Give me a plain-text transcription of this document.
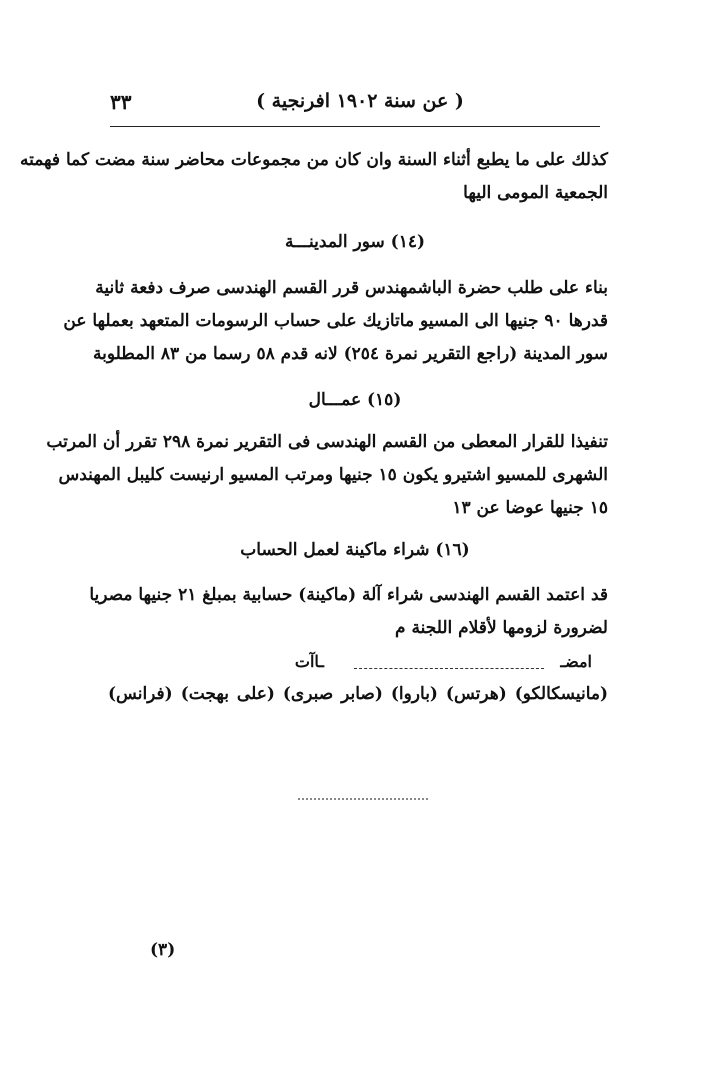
( عن سنة ١٩٠٢ افرنجية )
٣٣
كذلك على ما يطبع أثناء السنة وان كان من مجموعات محاضر سنة مضت كما فهمته
الجمعية المومى اليها
(١٤) سور المدينـــة
بناء على طلب حضرة الباشمهندس قرر القسم الهندسى صرف دفعة ثانية
قدرها ٩٠ جنيها الى المسيو ماتازيك على حساب الرسومات المتعهد بعملها عن
سور المدينة (راجع التقرير نمرة ٢٥٤) لانه قدم ٥٨ رسما من ٨٣ المطلوبة
(١٥) عمـــال
تنفيذا للقرار المعطى من القسم الهندسى فى التقرير نمرة ٢٩٨ تقرر أن المرتب
الشهرى للمسيو اشتيرو يكون ١٥ جنيها ومرتب المسيو ارنيست كليبل المهندس
١٥ جنيها عوضا عن ١٣
(١٦) شراء ماكينة لعمل الحساب
قد اعتمد القسم الهندسى شراء آلة (ماكينة) حسابية بمبلغ ٢١ جنيها مصريا
لضرورة لزومها لأقلام اللجنة م
امضـ
ـاآت
(مانيسكالكو) (هرتس) (باروا) (صابر صبرى) (على بهجت) (فرانس)
(٣)
